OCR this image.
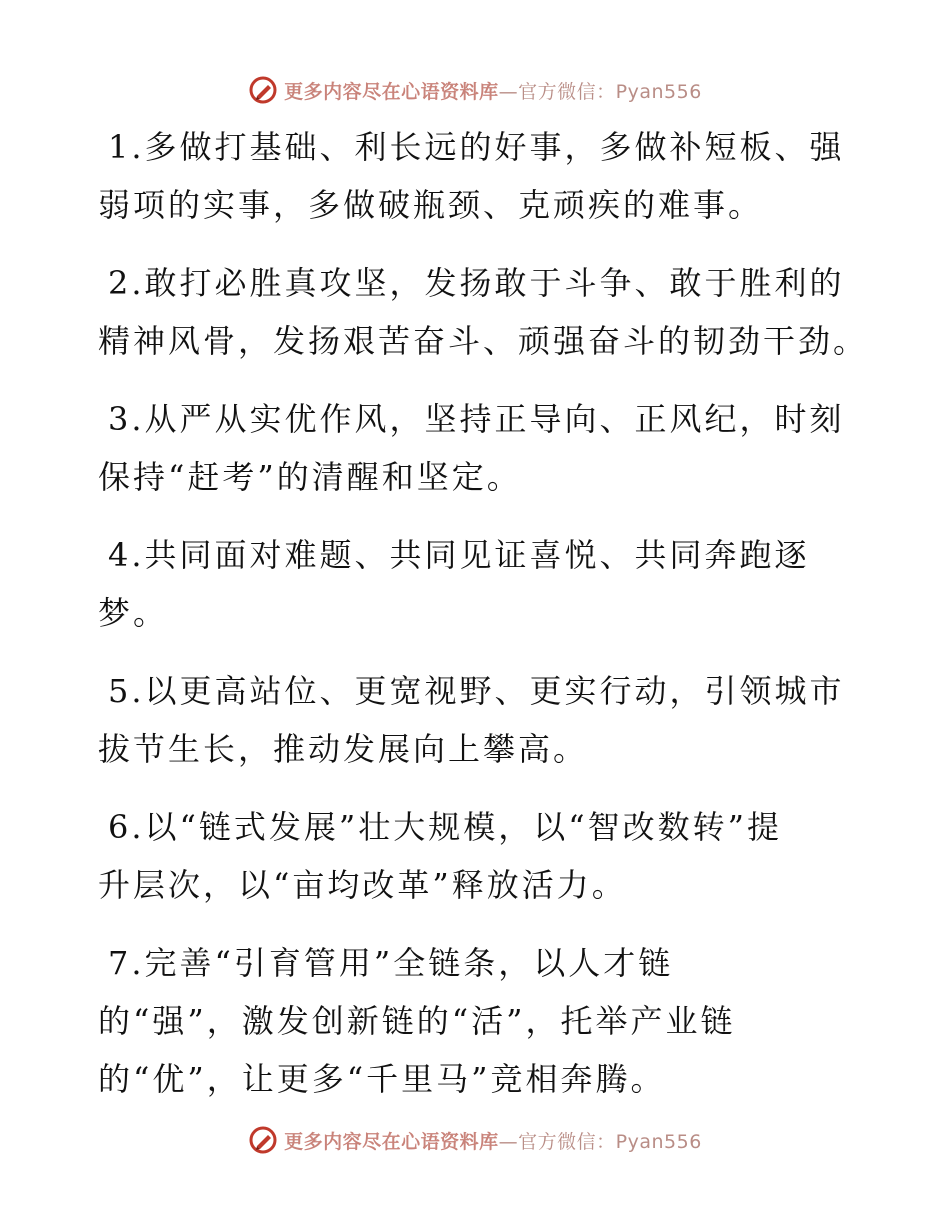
更多内容尽在心语资料库—官方微信：Pyan556
1.多做打基础、利长远的好事，多做补短板、强
弱项的实事，多做破瓶颈、克顽疾的难事。
2.敢打必胜真攻坚，发扬敢于斗争、敢于胜利的
精神风骨，发扬艰苦奋斗、顽强奋斗的韧劲干劲。
3.从严从实优作风，坚持正导向、正风纪，时刻
保持“赶考”的清醒和坚定。
4.共同面对难题、共同见证喜悦、共同奔跑逐
梦。
5.以更高站位、更宽视野、更实行动，引领城市
拔节生长，推动发展向上攀高。
6.以“链式发展”壮大规模，以“智改数转”提
升层次，以“亩均改革”释放活力。
7.完善“引育管用”全链条，以人才链
的“强”，激发创新链的“活”，托举产业链
的“优”，让更多“千里马”竞相奔腾。
更多内容尽在心语资料库—官方微信：Pyan556
